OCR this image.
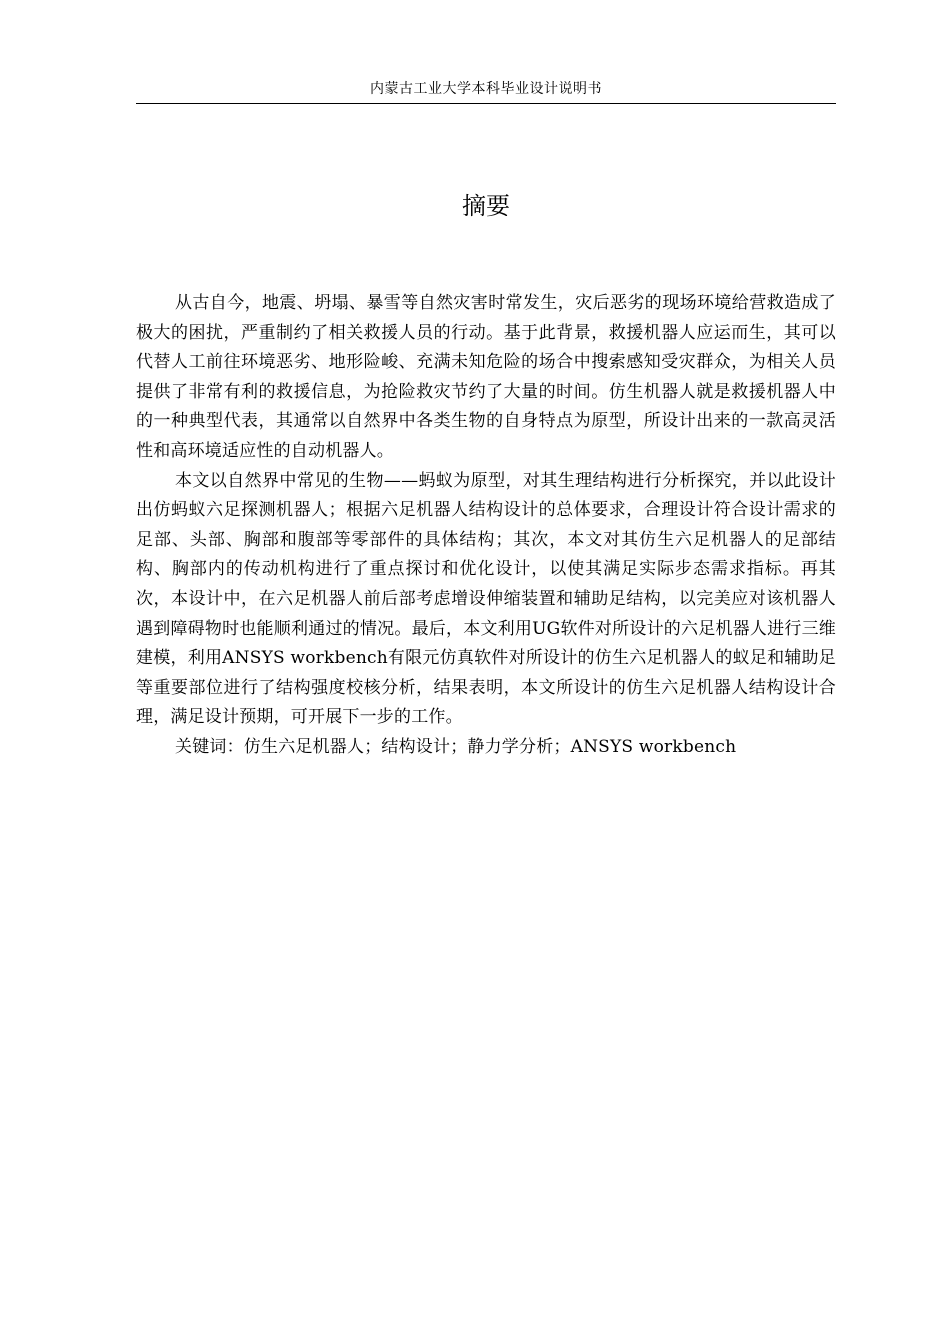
内蒙古工业大学本科毕业设计说明书
摘要

从古自今，地震、坍塌、暴雪等自然灾害时常发生，灾后恶劣的现场环境给营救造成了极大的困扰，严重制约了相关救援人员的行动。基于此背景，救援机器人应运而生，其可以代替人工前往环境恶劣、地形险峻、充满未知危险的场合中搜索感知受灾群众，为相关人员提供了非常有利的救援信息，为抢险救灾节约了大量的时间。仿生机器人就是救援机器人中的一种典型代表，其通常以自然界中各类生物的自身特点为原型，所设计出来的一款高灵活性和高环境适应性的自动机器人。

本文以自然界中常见的生物——蚂蚁为原型，对其生理结构进行分析探究，并以此设计出仿蚂蚁六足探测机器人；根据六足机器人结构设计的总体要求，合理设计符合设计需求的足部、头部、胸部和腹部等零部件的具体结构；其次，本文对其仿生六足机器人的足部结构、胸部内的传动机构进行了重点探讨和优化设计，以使其满足实际步态需求指标。再其次，本设计中，在六足机器人前后部考虑增设伸缩装置和辅助足结构，以完美应对该机器人遇到障碍物时也能顺利通过的情况。最后，本文利用UG软件对所设计的六足机器人进行三维建模，利用ANSYS workbench有限元仿真软件对所设计的仿生六足机器人的蚁足和辅助足等重要部位进行了结构强度校核分析，结果表明，本文所设计的仿生六足机器人结构设计合理，满足设计预期，可开展下一步的工作。

关键词：仿生六足机器人；结构设计；静力学分析；ANSYS workbench
